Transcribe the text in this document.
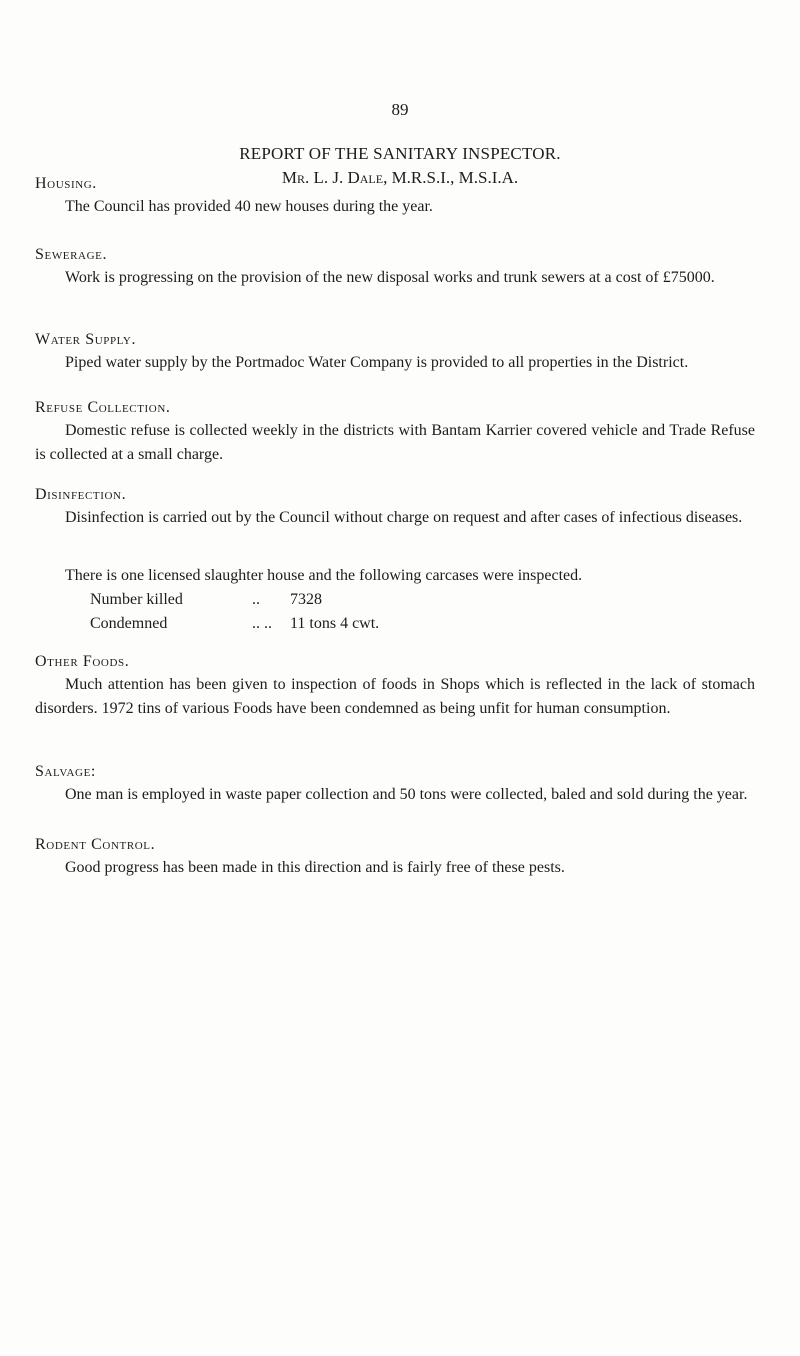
89
REPORT OF THE SANITARY INSPECTOR.
Mr. L. J. Dale, M.R.S.I., M.S.I.A.
Housing.

The Council has provided 40 new houses during the year.

Sewerage.

Work is progressing on the provision of the new disposal works and trunk sewers at a cost of £75000.

Water Supply.

Piped water supply by the Portmadoc Water Company is provided to all properties in the District.

Refuse Collection.

Domestic refuse is collected weekly in the districts with Bantam Karrier covered vehicle and Trade Refuse is collected at a small charge.

Disinfection.

Disinfection is carried out by the Council without charge on request and after cases of infectious diseases.

There is one licensed slaughter house and the following carcases were inspected.

Number killed	.. 7328
Condemned	.. .. 11 tons 4 cwt.
Other Foods.

Much attention has been given to inspection of foods in Shops which is reflected in the lack of stomach disorders. 1972 tins of various Foods have been condemned as being unfit for human consumption.

Salvage:

One man is employed in waste paper collection and 50 tons were collected, baled and sold during the year.

Rodent Control.

Good progress has been made in this direction and is fairly free of these pests.
